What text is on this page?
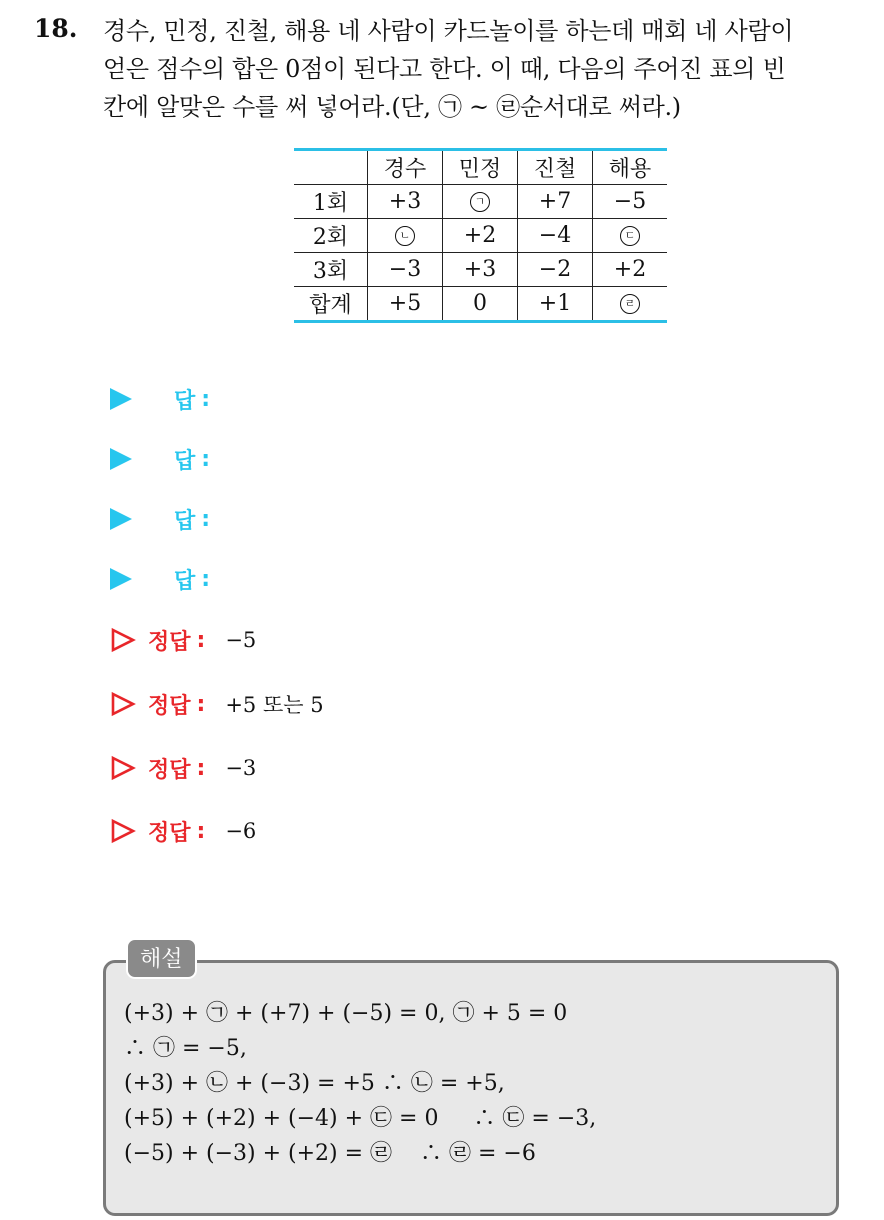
18. 경수, 민정, 진철, 해용 네 사람이 카드놀이를 하는데 매회 네 사람이
얻은 점수의 합은 0점이 된다고 한다. 이 때, 다음의 주어진 표의 빈
칸에 알맞은 수를 써 넣어라.(단, ㉠ ~ ㉣순서대로 써라.)
	경수	민정	진철	해용
1회	+3	ㄱ	+7	−5
2회	ㄴ	+2	−4	ㄷ
3회	−3	+3	−2	+2
합계	+5	0	+1	ㄹ
답 :
답 :
답 :
답 :
정답 : −5
정답 : +5 또는 5
정답 : −3
정답 : −6
해설
(+3) + ㉠ + (+7) + (−5) = 0, ㉠ + 5 = 0
∴ ㉠ = −5,
(+3) + ㉡ + (−3) = +5 ∴ ㉡ = +5,
(+5) + (+2) + (−4) + ㉢ = 0     ∴ ㉢ = −3,
(−5) + (−3) + (+2) = ㉣    ∴ ㉣ = −6
